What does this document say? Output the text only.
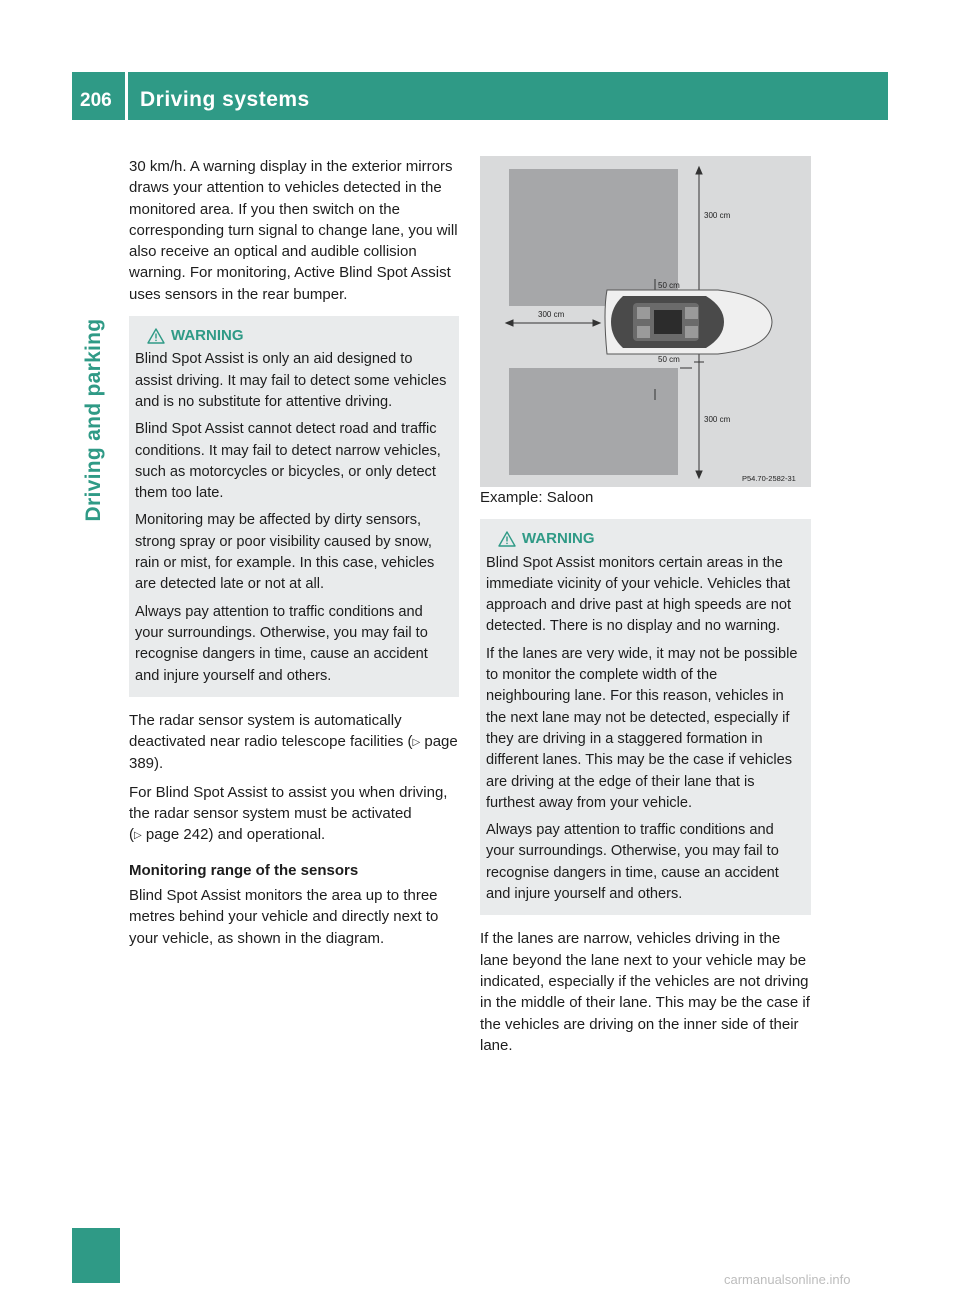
206 Driving systems
Driving and parking

30 km/h. A warning display in the exterior mirrors draws your attention to vehicles detected in the monitored area. If you then switch on the corresponding turn signal to change lane, you will also receive an optical and audible collision warning. For monitoring, Active Blind Spot Assist uses sensors in the rear bumper.

WARNING

Blind Spot Assist is only an aid designed to assist driving. It may fail to detect some vehicles and is no substitute for attentive driving.

Blind Spot Assist cannot detect road and traffic conditions. It may fail to detect narrow vehicles, such as motorcycles or bicycles, or only detect them too late.

Monitoring may be affected by dirty sensors, strong spray or poor visibility caused by snow, rain or mist, for example. In this case, vehicles are detected late or not at all.

Always pay attention to traffic conditions and your surroundings. Otherwise, you may fail to recognise dangers in time, cause an accident and injure yourself and others.

The radar sensor system is automatically deactivated near radio telescope facilities (▷ page 389).

For Blind Spot Assist to assist you when driving, the radar sensor system must be activated (▷ page 242) and operational.

Monitoring range of the sensors

Blind Spot Assist monitors the area up to three metres behind your vehicle and directly next to your vehicle, as shown in the diagram.

300 cm
50 cm
300 cm
50 cm
300 cm
P54.70-2582-31

Example: Saloon

WARNING

Blind Spot Assist monitors certain areas in the immediate vicinity of your vehicle. Vehicles that approach and drive past at high speeds are not detected. There is no display and no warning.

If the lanes are very wide, it may not be possible to monitor the complete width of the neighbouring lane. For this reason, vehicles in the next lane may not be detected, especially if they are driving in a staggered formation in different lanes. This may be the case if vehicles are driving at the edge of their lane that is furthest away from your vehicle.

Always pay attention to traffic conditions and your surroundings. Otherwise, you may fail to recognise dangers in time, cause an accident and injure yourself and others.

If the lanes are narrow, vehicles driving in the lane beyond the lane next to your vehicle may be indicated, especially if the vehicles are not driving in the middle of their lane. This may be the case if the vehicles are driving on the inner side of their lane.

carmanualsonline.info
